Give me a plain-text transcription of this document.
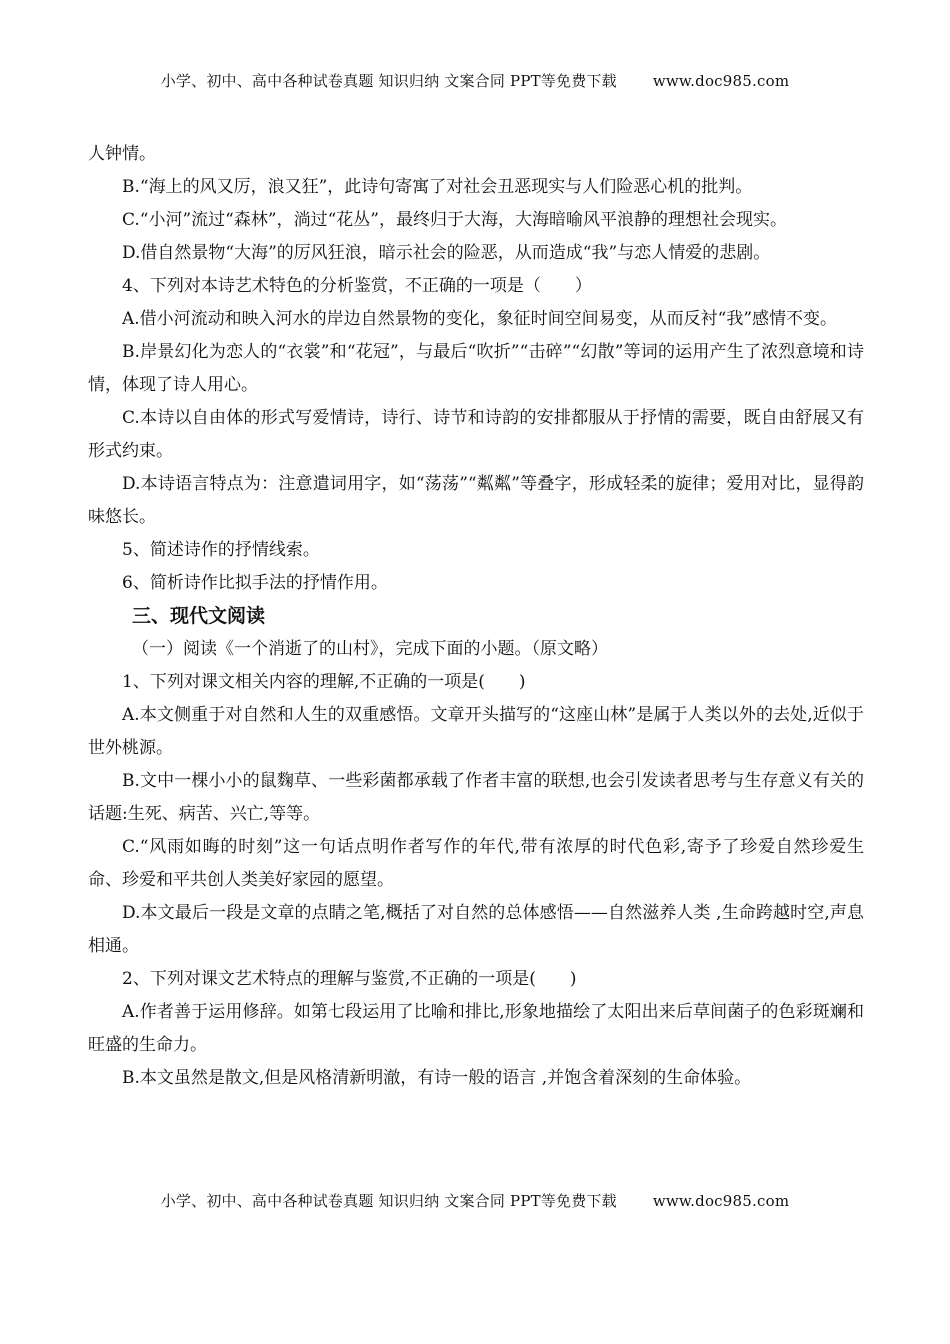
小学、初中、高中各种试卷真题 知识归纳 文案合同 PPT等免费下载 www.doc985.com

人钟情。

B.“海上的风又厉，浪又狂”，此诗句寄寓了对社会丑恶现实与人们险恶心机的批判。

C.“小河”流过“森林”，淌过“花丛”，最终归于大海，大海暗喻风平浪静的理想社会现实。

D.借自然景物“大海”的厉风狂浪，暗示社会的险恶，从而造成“我”与恋人情爱的悲剧。

4、下列对本诗艺术特色的分析鉴赏，不正确的一项是（　　）

A.借小河流动和映入河水的岸边自然景物的变化，象征时间空间易变，从而反衬“我”感情不变。

B.岸景幻化为恋人的“衣裳”和“花冠”，与最后“吹折”“击碎”“幻散”等词的运用产生了浓烈意境和诗情，体现了诗人用心。

C.本诗以自由体的形式写爱情诗，诗行、诗节和诗韵的安排都服从于抒情的需要，既自由舒展又有形式约束。

D.本诗语言特点为：注意遣词用字，如“荡荡”“粼粼”等叠字，形成轻柔的旋律；爱用对比，显得韵味悠长。

5、简述诗作的抒情线索。

6、简析诗作比拟手法的抒情作用。

三、现代文阅读

（一）阅读《一个消逝了的山村》，完成下面的小题。（原文略）

1、下列对课文相关内容的理解,不正确的一项是(　　)

A.本文侧重于对自然和人生的双重感悟。文章开头描写的“这座山林”是属于人类以外的去处,近似于世外桃源。

B.文中一棵小小的鼠麴草、一些彩菌都承载了作者丰富的联想,也会引发读者思考与生存意义有关的话题:生死、病苦、兴亡,等等。

C.“风雨如晦的时刻”这一句话点明作者写作的年代,带有浓厚的时代色彩,寄予了珍爱自然珍爱生命、珍爱和平共创人类美好家园的愿望。

D.本文最后一段是文章的点睛之笔,概括了对自然的总体感悟——自然滋养人类 ,生命跨越时空,声息相通。

2、下列对课文艺术特点的理解与鉴赏,不正确的一项是(　　)

A.作者善于运用修辞。如第七段运用了比喻和排比,形象地描绘了太阳出来后草间菌子的色彩斑斓和旺盛的生命力。

B.本文虽然是散文,但是风格清新明澈，有诗一般的语言 ,并饱含着深刻的生命体验。

小学、初中、高中各种试卷真题 知识归纳 文案合同 PPT等免费下载 www.doc985.com
